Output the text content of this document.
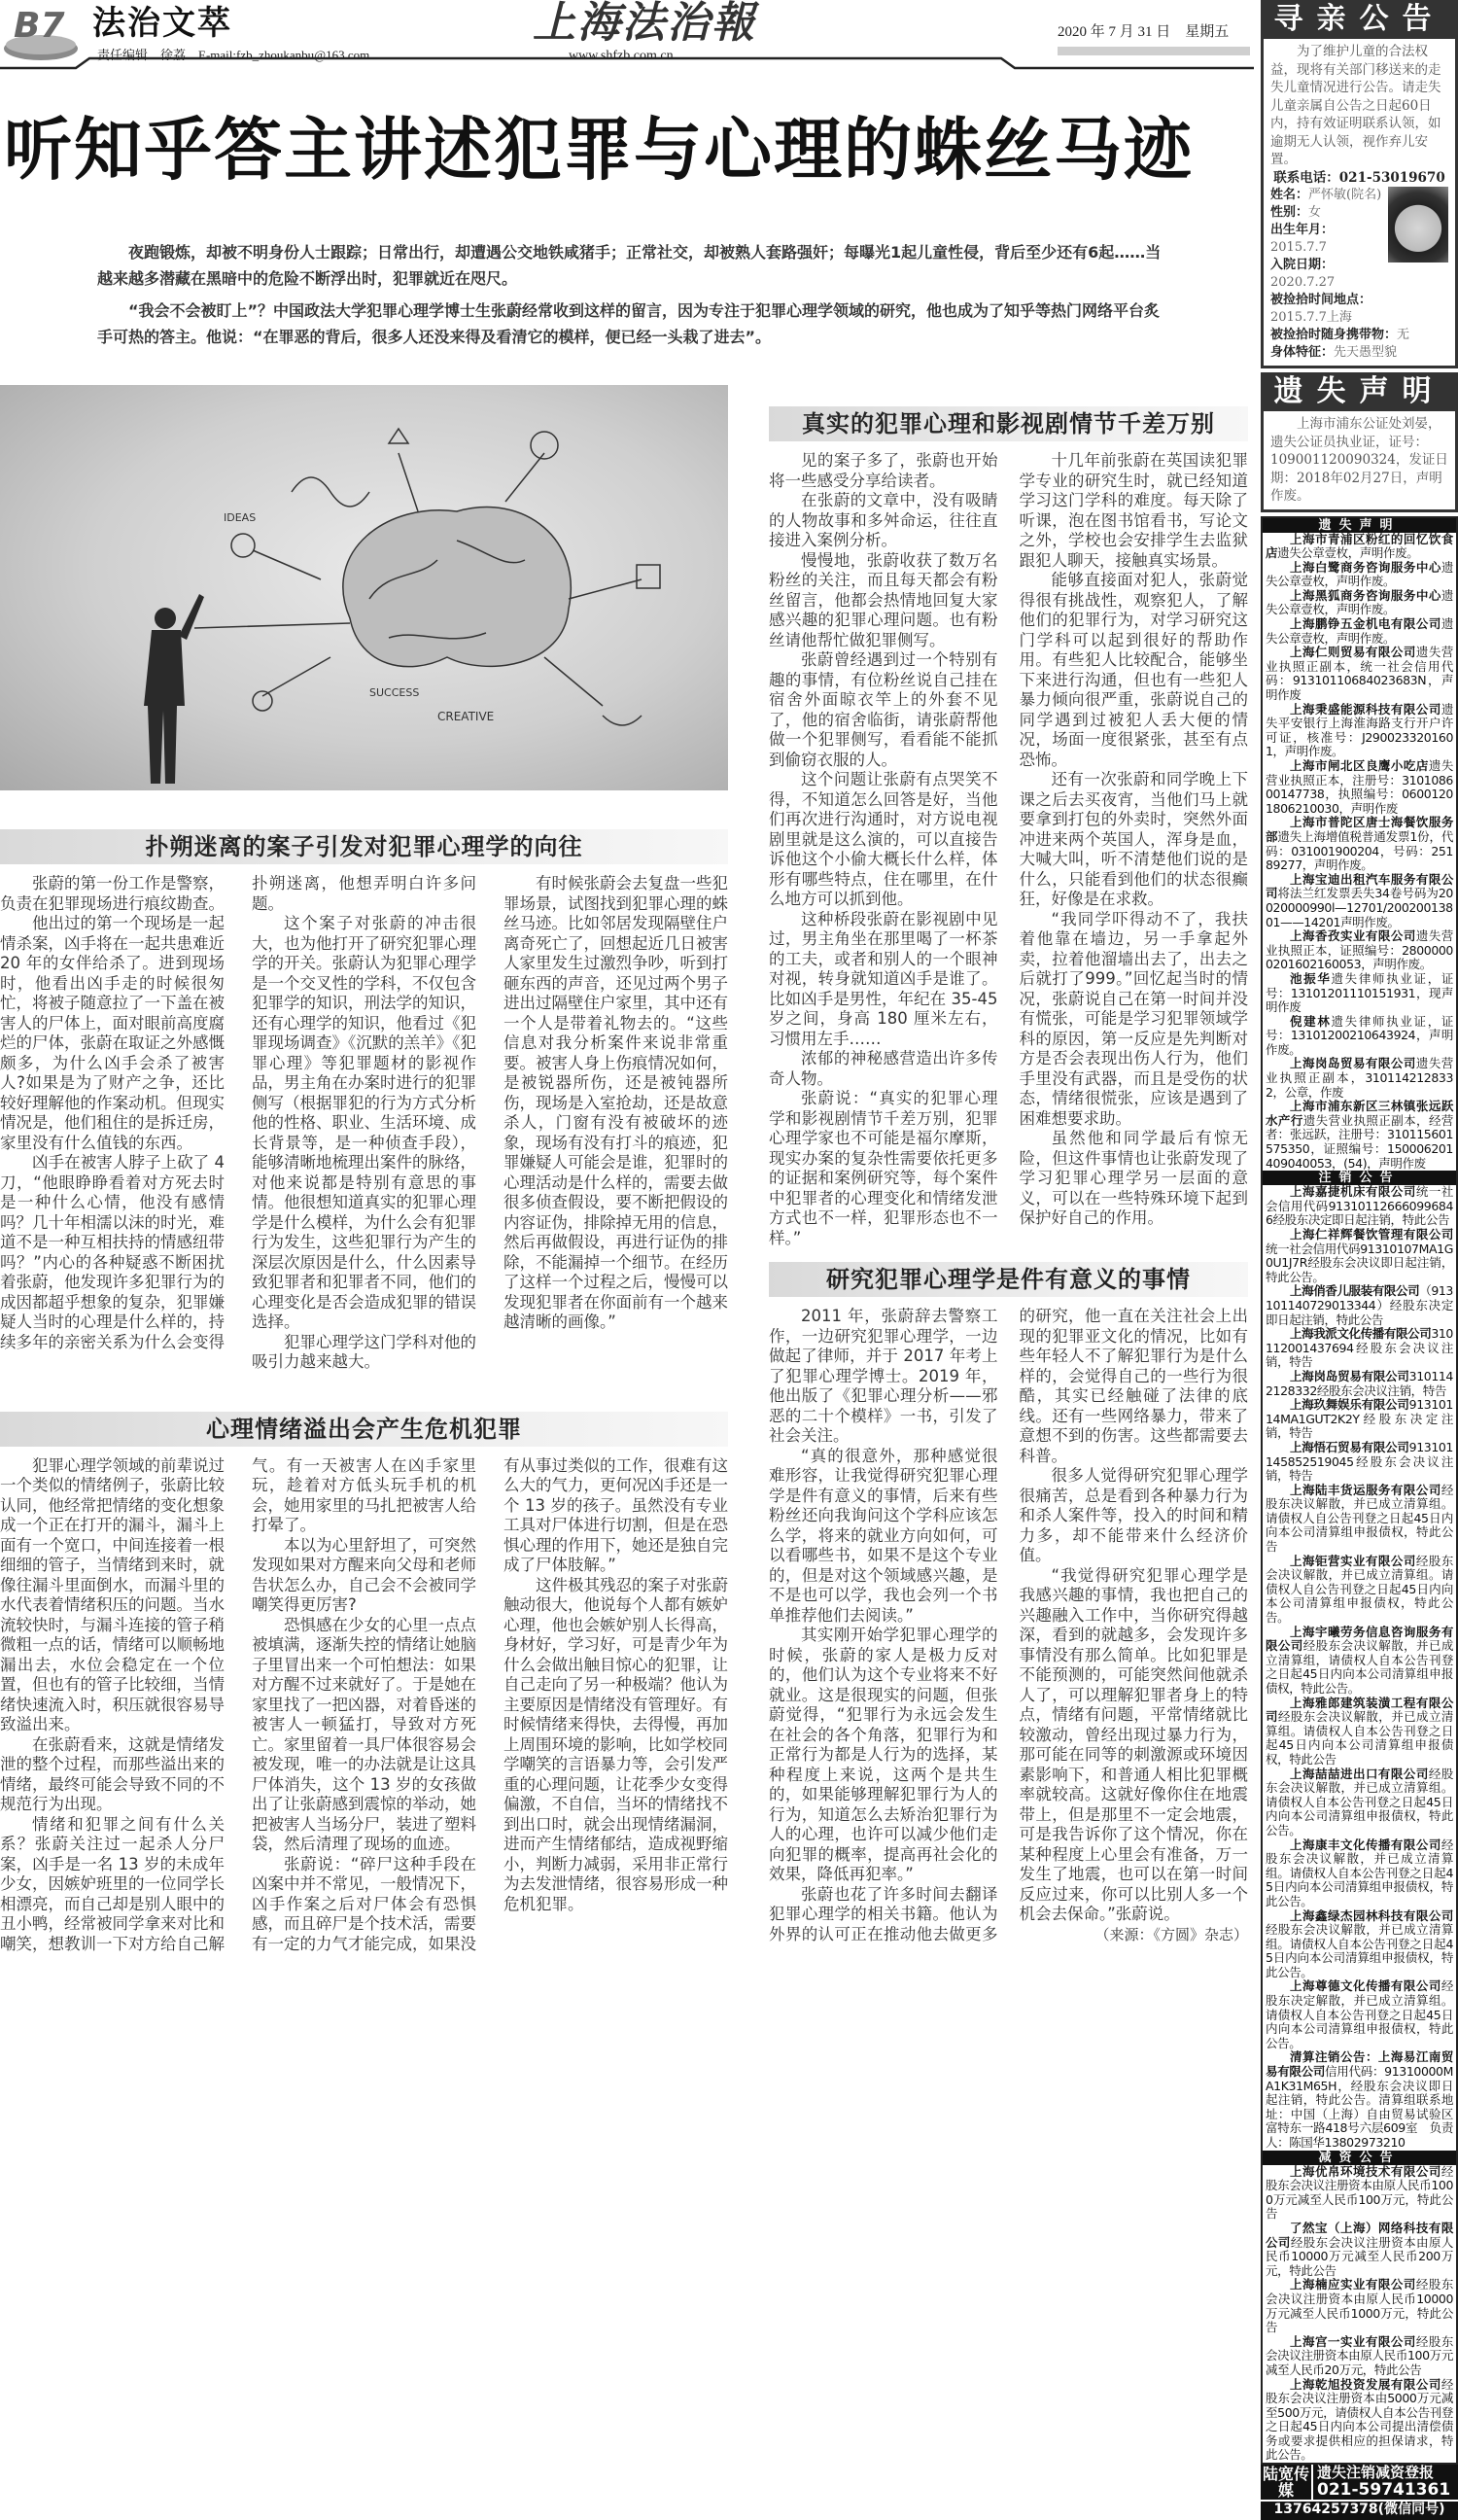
B7 法治文萃
责任编辑　徐荔　E-mail:fzb_zhoukanbu@163.com
上海法治報
www.shfzb.com.cn
2020 年 7 月 31 日　星期五
听知乎答主讲述犯罪与心理的蛛丝马迹

夜跑锻炼，却被不明身份人士跟踪；日常出行，却遭遇公交地铁咸猪手；正常社交，却被熟人套路强奸；每曝光1起儿童性侵，背后至少还有6起……当越来越多潜藏在黑暗中的危险不断浮出时，犯罪就近在咫尺。

“我会不会被盯上”？中国政法大学犯罪心理学博士生张蔚经常收到这样的留言，因为专注于犯罪心理学领域的研究，他也成为了知乎等热门网络平台炙手可热的答主。他说：“在罪恶的背后，很多人还没来得及看清它的模样，便已经一头栽了进去”。

CREATIVE
IDEAS
SUCCESS
扑朔迷离的案子引发对犯罪心理学的向往

张蔚的第一份工作是警察，负责在犯罪现场进行痕纹勘查。

他出过的第一个现场是一起情杀案，凶手将在一起共患难近 20 年的女伴给杀了。进到现场时，他看出凶手走的时候很匆忙，将被子随意拉了一下盖在被害人的尸体上，面对眼前高度腐烂的尸体，张蔚在取证之外感慨颇多，为什么凶手会杀了被害人?如果是为了财产之争，还比较好理解他的作案动机。但现实情况是，他们租住的是拆迁房，家里没有什么值钱的东西。

凶手在被害人脖子上砍了 4 刀，“他眼睁睁看着对方死去时是一种什么心情，他没有感情吗？几十年相濡以沫的时光，难道不是一种互相扶持的情感纽带吗？”内心的各种疑惑不断困扰着张蔚，他发现许多犯罪行为的成因都超乎想象的复杂，犯罪嫌疑人当时的心理是什么样的，持续多年的亲密关系为什么会变得扑朔迷离，他想弄明白许多问题。

这个案子对张蔚的冲击很大，也为他打开了研究犯罪心理学的开关。张蔚认为犯罪心理学是一个交叉性的学科，不仅包含犯罪学的知识，刑法学的知识，还有心理学的知识，他看过《犯罪现场调查》《沉默的羔羊》《犯罪心理》等犯罪题材的影视作品，男主角在办案时进行的犯罪侧写（根据罪犯的行为方式分析他的性格、职业、生活环境、成长背景等，是一种侦查手段），能够清晰地梳理出案件的脉络，对他来说都是特别有意思的事情。他很想知道真实的犯罪心理学是什么模样，为什么会有犯罪行为发生，这些犯罪行为产生的深层次原因是什么，什么因素导致犯罪者和犯罪者不同，他们的心理变化是否会造成犯罪的错误选择。

犯罪心理学这门学科对他的吸引力越来越大。

有时候张蔚会去复盘一些犯罪场景，试图找到犯罪心理的蛛丝马迹。比如邻居发现隔壁住户离奇死亡了，回想起近几日被害人家里发生过激烈争吵，听到打砸东西的声音，还见过两个男子进出过隔壁住户家里，其中还有一个人是带着礼物去的。“这些信息对我分析案件来说非常重要。被害人身上伤痕情况如何，是被锐器所伤，还是被钝器所伤，现场是入室抢劫，还是故意杀人，门窗有没有被破坏的迹象，现场有没有打斗的痕迹，犯罪嫌疑人可能会是谁，犯罪时的心理活动是什么样的，需要去做很多侦查假设，要不断把假设的内容证伪，排除掉无用的信息，然后再做假设，再进行证伪的排除，不能漏掉一个细节。在经历了这样一个过程之后，慢慢可以发现犯罪者在你面前有一个越来越清晰的画像。”

心理情绪溢出会产生危机犯罪

犯罪心理学领域的前辈说过一个类似的情绪例子，张蔚比较认同，他经常把情绪的变化想象成一个正在打开的漏斗，漏斗上面有一个宽口，中间连接着一根细细的管子，当情绪到来时，就像往漏斗里面倒水，而漏斗里的水代表着情绪积压的问题。当水流较快时，与漏斗连接的管子稍微粗一点的话，情绪可以顺畅地漏出去，水位会稳定在一个位置，但也有的管子比较细，当情绪快速流入时，积压就很容易导致溢出来。

在张蔚看来，这就是情绪发泄的整个过程，而那些溢出来的情绪，最终可能会导致不同的不规范行为出现。

情绪和犯罪之间有什么关系？张蔚关注过一起杀人分尸案，凶手是一名 13 岁的未成年少女，因嫉妒班里的一位同学长相漂亮，而自己却是别人眼中的丑小鸭，经常被同学拿来对比和嘲笑，想教训一下对方给自己解气。有一天被害人在凶手家里玩，趁着对方低头玩手机的机会，她用家里的马扎把被害人给打晕了。

本以为心里舒坦了，可突然发现如果对方醒来向父母和老师告状怎么办，自己会不会被同学嘲笑得更厉害?

恐惧感在少女的心里一点点被填满，逐渐失控的情绪让她脑子里冒出来一个可怕想法：如果对方醒不过来就好了。于是她在家里找了一把凶器，对着昏迷的被害人一顿猛打，导致对方死亡。家里留着一具尸体很容易会被发现，唯一的办法就是让这具尸体消失，这个 13 岁的女孩做出了让张蔚感到震惊的举动，她把被害人当场分尸，装进了塑料袋，然后清理了现场的血迹。

张蔚说：“碎尸这种手段在凶案中并不常见，一般情况下，凶手作案之后对尸体会有恐惧感，而且碎尸是个技术活，需要有一定的力气才能完成，如果没有从事过类似的工作，很难有这么大的气力，更何况凶手还是一个 13 岁的孩子。虽然没有专业工具对尸体进行切割，但是在恐惧心理的作用下，她还是独自完成了尸体肢解。”

这件极其残忍的案子对张蔚触动很大，他说每个人都有嫉妒心理，他也会嫉妒别人长得高，身材好，学习好，可是青少年为什么会做出触目惊心的犯罪，让自己走向了另一种极端？他认为主要原因是情绪没有管理好。有时候情绪来得快，去得慢，再加上周围环境的影响，比如学校同学嘲笑的言语暴力等，会引发严重的心理问题，让花季少女变得偏激，不自信，当坏的情绪找不到出口时，就会出现情绪漏洞，进而产生情绪郁结，造成视野缩小，判断力减弱，采用非正常行为去发泄情绪，很容易形成一种危机犯罪。

真实的犯罪心理和影视剧情节千差万别

见的案子多了，张蔚也开始将一些感受分享给读者。

在张蔚的文章中，没有吸睛的人物故事和多舛命运，往往直接进入案例分析。

慢慢地，张蔚收获了数万名粉丝的关注，而且每天都会有粉丝留言，他都会热情地回复大家感兴趣的犯罪心理问题。也有粉丝请他帮忙做犯罪侧写。

张蔚曾经遇到过一个特别有趣的事情，有位粉丝说自己挂在宿舍外面晾衣竿上的外套不见了，他的宿舍临街，请张蔚帮他做一个犯罪侧写，看看能不能抓到偷窃衣服的人。

这个问题让张蔚有点哭笑不得，不知道怎么回答是好，当他们再次进行沟通时，对方说电视剧里就是这么演的，可以直接告诉他这个小偷大概长什么样，体形有哪些特点，住在哪里，在什么地方可以抓到他。

这种桥段张蔚在影视剧中见过，男主角坐在那里喝了一杯茶的工夫，或者和别人的一个眼神对视，转身就知道凶手是谁了。比如凶手是男性，年纪在 35-45 岁之间，身高 180 厘米左右，习惯用左手……

浓郁的神秘感营造出许多传奇人物。

张蔚说：“真实的犯罪心理学和影视剧情节千差万别，犯罪心理学家也不可能是福尔摩斯，现实办案的复杂性需要依托更多的证据和案例研究等，每个案件中犯罪者的心理变化和情绪发泄方式也不一样，犯罪形态也不一样。”

十几年前张蔚在英国读犯罪学专业的研究生时，就已经知道学习这门学科的难度。每天除了听课，泡在图书馆看书，写论文之外，学校也会安排学生去监狱跟犯人聊天，接触真实场景。

能够直接面对犯人，张蔚觉得很有挑战性，观察犯人，了解他们的犯罪行为，对学习研究这门学科可以起到很好的帮助作用。有些犯人比较配合，能够坐下来进行沟通，但也有一些犯人暴力倾向很严重，张蔚说自己的同学遇到过被犯人丢大便的情况，场面一度很紧张，甚至有点恐怖。

还有一次张蔚和同学晚上下课之后去买夜宵，当他们马上就要拿到打包的外卖时，突然外面冲进来两个英国人，浑身是血，大喊大叫，听不清楚他们说的是什么，只能看到他们的状态很癫狂，好像是在求救。

“我同学吓得动不了，我扶着他靠在墙边，另一手拿起外卖，拉着他溜墙出去了，出去之后就打了999。”回忆起当时的情况，张蔚说自己在第一时间并没有慌张，可能是学习犯罪领域学科的原因，第一反应是先判断对方是否会表现出伤人行为，他们手里没有武器，而且是受伤的状态，情绪很慌张，应该是遇到了困难想要求助。

虽然他和同学最后有惊无险，但这件事情也让张蔚发现了学习犯罪心理学另一层面的意义，可以在一些特殊环境下起到保护好自己的作用。

研究犯罪心理学是件有意义的事情

2011 年，张蔚辞去警察工作，一边研究犯罪心理学，一边做起了律师，并于 2017 年考上了犯罪心理学博士。2019 年，他出版了《犯罪心理分析——邪恶的二十个模样》一书，引发了社会关注。

“真的很意外，那种感觉很难形容，让我觉得研究犯罪心理学是件有意义的事情，后来有些粉丝还向我询问这个学科应该怎么学，将来的就业方向如何，可以看哪些书，如果不是这个专业的，但是对这个领域感兴趣，是不是也可以学，我也会列一个书单推荐他们去阅读。”

其实刚开始学犯罪心理学的时候，张蔚的家人是极力反对的，他们认为这个专业将来不好就业。这是很现实的问题，但张蔚觉得，“犯罪行为永远会发生在社会的各个角落，犯罪行为和正常行为都是人行为的选择，某种程度上来说，这两个是共生的，如果能够理解犯罪行为人的行为，知道怎么去矫治犯罪行为人的心理，也许可以减少他们走向犯罪的概率，提高再社会化的效果，降低再犯率。”

张蔚也花了许多时间去翻译犯罪心理学的相关书籍。他认为外界的认可正在推动他去做更多的研究，他一直在关注社会上出现的犯罪亚文化的情况，比如有些年轻人不了解犯罪行为是什么样的，会觉得自己的一些行为很酷，其实已经触碰了法律的底线。还有一些网络暴力，带来了意想不到的伤害。这些都需要去科普。

很多人觉得研究犯罪心理学很痛苦，总是看到各种暴力行为和杀人案件等，投入的时间和精力多，却不能带来什么经济价值。

“我觉得研究犯罪心理学是我感兴趣的事情，我也把自己的兴趣融入工作中，当你研究得越深，看到的就越多，会发现许多事情没有那么简单。比如犯罪是不能预测的，可能突然间他就杀人了，可以理解犯罪者身上的特点，情绪有问题，平常情绪就比较激动，曾经出现过暴力行为，那可能在同等的刺激源或环境因素影响下，和普通人相比犯罪概率就较高。这就好像你住在地震带上，但是那里不一定会地震，可是我告诉你了这个情况，你在某种程度上心里会有准备，万一发生了地震，也可以在第一时间反应过来，你可以比别人多一个机会去保命。”张蔚说。

（来源：《方圆》杂志）

寻亲公告

为了维护儿童的合法权益，现将有关部门移送来的走失儿童情况进行公告。请走失儿童亲属自公告之日起60日内，持有效证明联系认领，如逾期无人认领，视作弃儿安置。

联系电话：021-53019670
姓名：严怀敏(院名)
性别：女
出生年月：2015.7.7
入院日期：2020.7.27
被捡拾时间地点：
2015.7.7上海
被捡拾时随身携带物：无
身体特征：先天愚型貌
遗失声明

上海市浦东公证处刘晏，遗失公证员执业证，证号：109001120090324，发证日期：2018年02月27日，声明作废。

遗失声明
上海市青浦区粉红的回忆饮食店遗失公章壹枚，声明作废。
上海白鹭商务咨询服务中心遗失公章壹枚，声明作废。
上海黑狐商务咨询服务中心遗失公章壹枚，声明作废。
上海鹏铮五金机电有限公司遗失公章壹枚，声明作废。
上海仁则贸易有限公司遗失营业执照正副本，统一社会信用代码：91310110684023683N，声明作废
上海秉盛能源科技有限公司遗失平安银行上海淮海路支行开户许可证，核准号：J2900233201601，声明作废。
上海市闸北区良鹰小吃店遗失营业执照正本，注册号：310108600147738，执照编号：06001201806210030，声明作废
上海市普陀区唐士海餐饮服务部遗失上海增值税普通发票1份，代码：031001900204，号码：25189277，声明作废。
上海宝迪出租汽车服务有限公司将法兰红发票丢失34卷号码为20020000990l—12701/20020013801——14201声明作废。
上海香孜实业有限公司遗失营业执照正本，证照编号：28000000201602160053，声明作废。
池振华遗失律师执业证，证号：13101201110151931，现声明作废
倪建林遗失律师执业证，证号：13101200210643924，声明作废。
上海岗岛贸易有限公司遗失营业执照正副本，3101142128332，公章，作废
上海市浦东新区三林镇张远跃水产行遗失营业执照正副本，经营者：张远跃，注册号：310115601575350，证照编号：15000620140904005З，(54)，声明作废
注销公告
上海嘉捷机床有限公司统一社会信用代码913101126660996846经股东决定即日起注销，特此公告
上海仁祥辉餐饮管理有限公司统一社会信用代码91310107MA1G0U1J7R经股东会决议即日起注销，特此公告。
上海俏香儿服装有限公司（91310114072901З344）经股东决定即日起注销，特此公告
上海我派文化传播有限公司310112001437694经股东会决议注销，特告
上海岗岛贸易有限公司3101142128332经股东会决议注销，特告
上海玖舞娱乐有限公司91310114MA1GUT2K2Y经股东决定注销，特告
上海悟石贸易有限公司913101145852519045经股东会决议注销，特告
上海陆丰货运服务有限公司经股东决议解散，并已成立清算组。请债权人自公告刊登之日起45日内向本公司清算组申报债权，特此公告
上海钜营实业有限公司经股东会决议解散，并已成立清算组。请债权人自公告刊登之日起45日内向本公司清算组申报债权，特此公告。
上海宇曦劳务信息咨询服务有限公司经股东会决议解散，并已成立清算组，请债权人自本公告刊登之日起45日内向本公司清算组申报债权，特此公告。
上海雅郎建筑装潢工程有限公司经股东会决议解散，并已成立清算组。请债权人自本公告刊登之日起45日内向本公司清算组申报债权，特此公告
上海喆喆进出口有限公司经股东会决议解散，并已成立清算组。请债权人自本公告刊登之日起45日内向本公司清算组申报债权，特此公告。
上海康丰文化传播有限公司经股东会决议解散，并已成立清算组。请债权人自本公告刊登之日起45日内向本公司清算组申报债权，特此公告。
上海鑫绿杰园林科技有限公司经股东会决议解散，并已成立清算组。请债权人自本公告刊登之日起45日内向本公司清算组申报债权，特此公告。
上海尊德文化传播有限公司经股东决定解散，并已成立清算组。请债权人自本公告刊登之日起45日内向本公司清算组申报债权，特此公告。
清算注销公告：上海易江南贸易有限公司信用代码：91310000MA1K31M65H，经股东会决议即日起注销，特此公告。清算组联系地址：中国（上海）自由贸易试验区富特东一路418号六层609室　负责人：陈国华13802973210
减资公告
上海优帛环境技术有限公司经股东会决议注册资本由原人民币1000万元减至人民币100万元，特此公告
了然宝（上海）网络科技有限公司经股东会决议注册资本由原人民币10000万元减至人民币200万元，特此公告
上海楠应实业有限公司经股东会决议注册资本由原人民币10000万元减至人民币1000万元，特此公告
上海宫一实业有限公司经股东会决议注册资本由原人民币100万元减至人民币20万元，特此公告
上海乾旭投资发展有限公司经股东会决议注册资本由5000万元减至500万元，请债权人自本公告刊登之日起45日内向本公司提出清偿债务或要求提供相应的担保请求，特此公告。
陆宽传媒
遗失注销减资登报
021-59741361
13764257378(微信同号)
